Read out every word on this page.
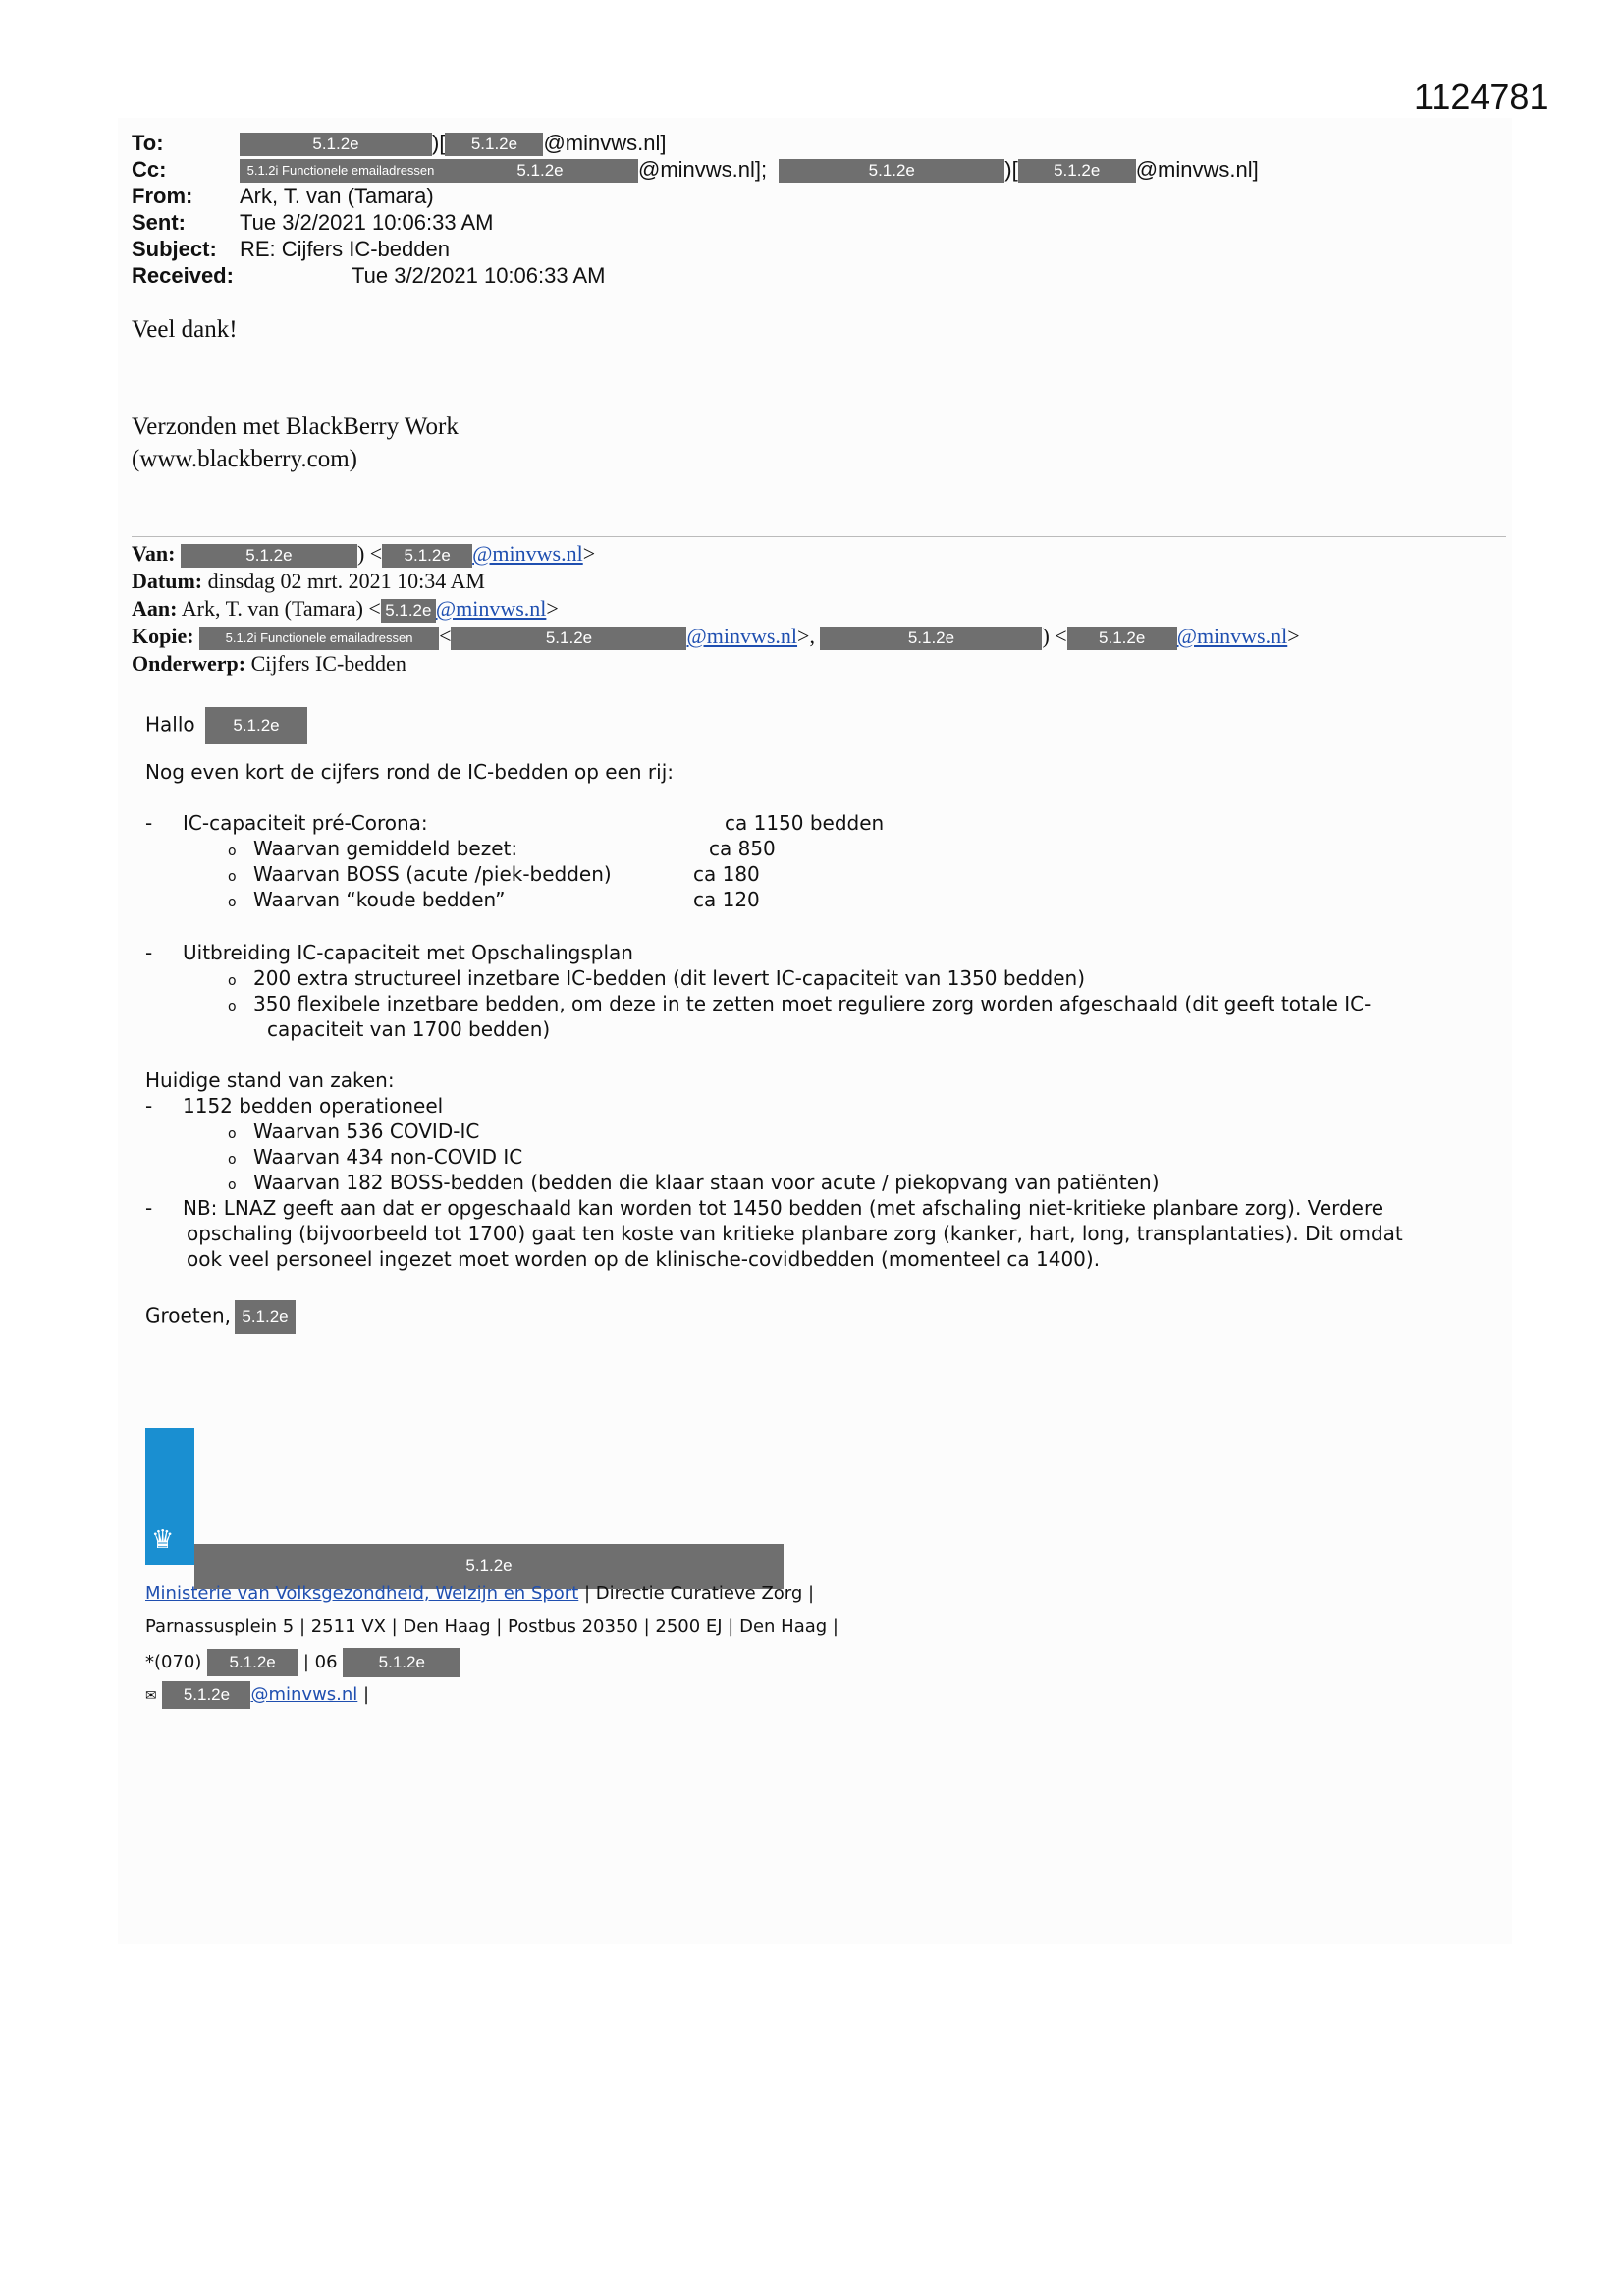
1124781
To:	5.1.2e	)[ 5.1.2e @minvws.nl]
Cc:	5.1.2i Functionele emailadressen	5.1.2e	@minvws.nl];	5.1.2e	)[ 5.1.2e @minvws.nl]
From: Ark, T. van (Tamara)
Sent:	Tue 3/2/2021 10:06:33 AM
Subject: RE: Cijfers IC-bedden
Received:	Tue 3/2/2021 10:06:33 AM
Veel dank!
Verzonden met BlackBerry Work
(www.blackberry.com)
Van:	5.1.2e	) < 5.1.2e @minvws.nl>
Datum: dinsdag 02 mrt. 2021 10:34 AM
Aan: Ark, T. van (Tamara) < 5.1.2e @minvws.nl>
Kopie: 5.1.2i Functionele emailadressen <	5.1.2e	@minvws.nl>,	5.1.2e	) < 5.1.2e @minvws.nl>
Onderwerp: Cijfers IC-bedden
Hallo 5.1.2e
Nog even kort de cijfers rond de IC-bedden op een rij:
- IC-capaciteit pré-Corona:	ca 1150 bedden
o Waarvan gemiddeld bezet:	ca 850
o Waarvan BOSS (acute /piek-bedden)	ca 180
o Waarvan “koude bedden”	ca 120
- Uitbreiding IC-capaciteit met Opschalingsplan
o 200 extra structureel inzetbare IC-bedden (dit levert IC-capaciteit van 1350 bedden)
o 350 flexibele inzetbare bedden, om deze in te zetten moet reguliere zorg worden afgeschaald (dit geeft totale IC-
capaciteit van 1700 bedden)
Huidige stand van zaken:
- 1152 bedden operationeel
o Waarvan 536 COVID-IC
o Waarvan 434 non-COVID IC
o Waarvan 182 BOSS-bedden (bedden die klaar staan voor acute / piekopvang van patiënten)
- NB: LNAZ geeft aan dat er opgeschaald kan worden tot 1450 bedden (met afschaling niet-kritieke planbare zorg). Verdere
opschaling (bijvoorbeeld tot 1700) gaat ten koste van kritieke planbare zorg (kanker, hart, long, transplantaties). Dit omdat
ook veel personeel ingezet moet worden op de klinische-covidbedden (momenteel ca 1400).
Groeten, 5.1.2e
♛
5.1.2e
Ministerie van Volksgezondheid, Welzijn en Sport | Directie Curatieve Zorg |
Parnassusplein 5 | 2511 VX | Den Haag | Postbus 20350 | 2500 EJ | Den Haag |
*(070) 5.1.2e | 06 5.1.2e
✉ 5.1.2e @minvws.nl |
